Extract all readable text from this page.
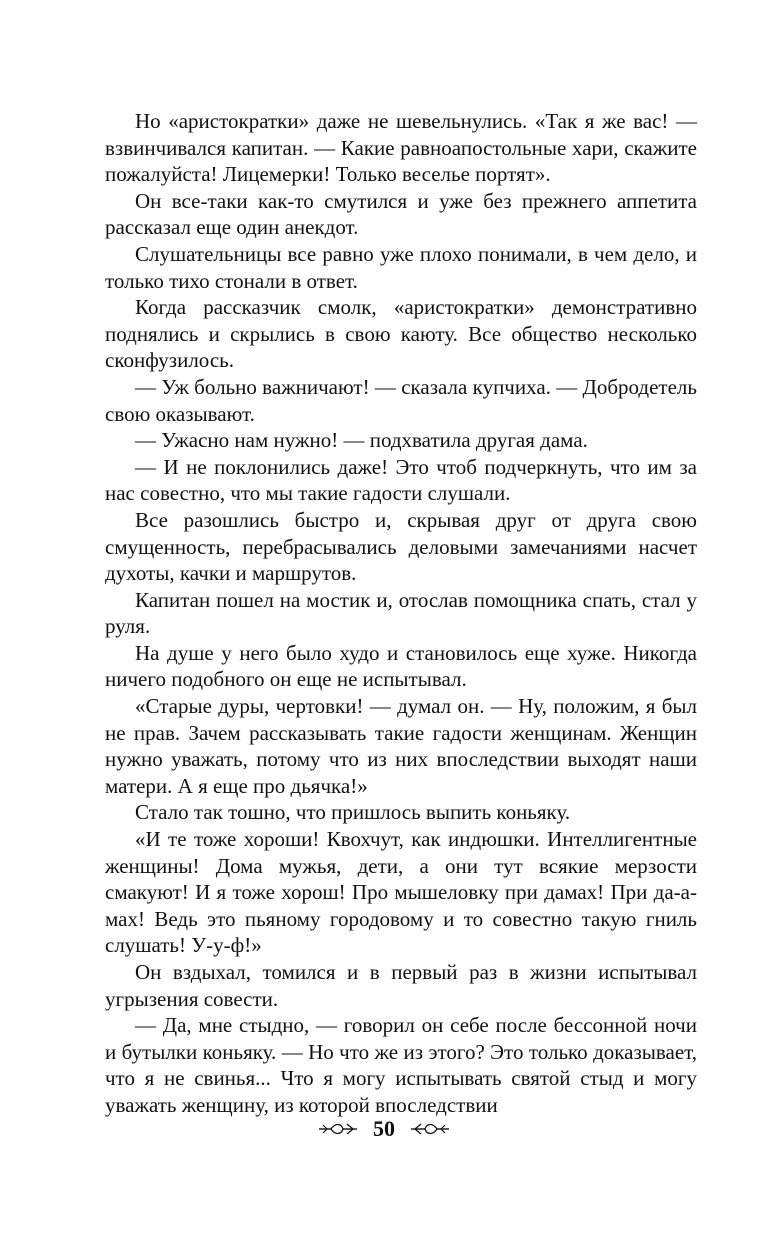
Но «аристократки» даже не шевельнулись. «Так я же вас! — взвинчивался капитан. — Какие равноапостольные хари, скажите пожалуйста! Лицемерки! Только веселье портят».

Он все-таки как-то смутился и уже без прежнего аппетита рассказал еще один анекдот.

Слушательницы все равно уже плохо понимали, в чем дело, и только тихо стонали в ответ.

Когда рассказчик смолк, «аристократки» демонстративно поднялись и скрылись в свою каюту. Все общество несколько сконфузилось.

— Уж больно важничают! — сказала купчиха. — Добродетель свою оказывают.

— Ужасно нам нужно! — подхватила другая дама.

— И не поклонились даже! Это чтоб подчеркнуть, что им за нас совестно, что мы такие гадости слушали.

Все разошлись быстро и, скрывая друг от друга свою смущенность, перебрасывались деловыми замечаниями насчет духоты, качки и маршрутов.

Капитан пошел на мостик и, отослав помощника спать, стал у руля.

На душе у него было худо и становилось еще хуже. Никогда ничего подобного он еще не испытывал.

«Старые дуры, чертовки! — думал он. — Ну, положим, я был не прав. Зачем рассказывать такие гадости женщинам. Женщин нужно уважать, потому что из них впоследствии выходят наши матери. А я еще про дьячка!»

Стало так тошно, что пришлось выпить коньяку.

«И те тоже хороши! Квохчут, как индюшки. Интеллигентные женщины! Дома мужья, дети, а они тут всякие мерзости смакуют! И я тоже хорош! Про мышеловку при дамах! При да-а-мах! Ведь это пьяному городовому и то совестно такую гниль слушать! У-у-ф!»

Он вздыхал, томился и в первый раз в жизни испытывал угрызения совести.

— Да, мне стыдно, — говорил он себе после бессонной ночи и бутылки коньяку. — Но что же из этого? Это только доказывает, что я не свинья... Что я могу испытывать святой стыд и могу уважать женщину, из которой впоследствии

50
